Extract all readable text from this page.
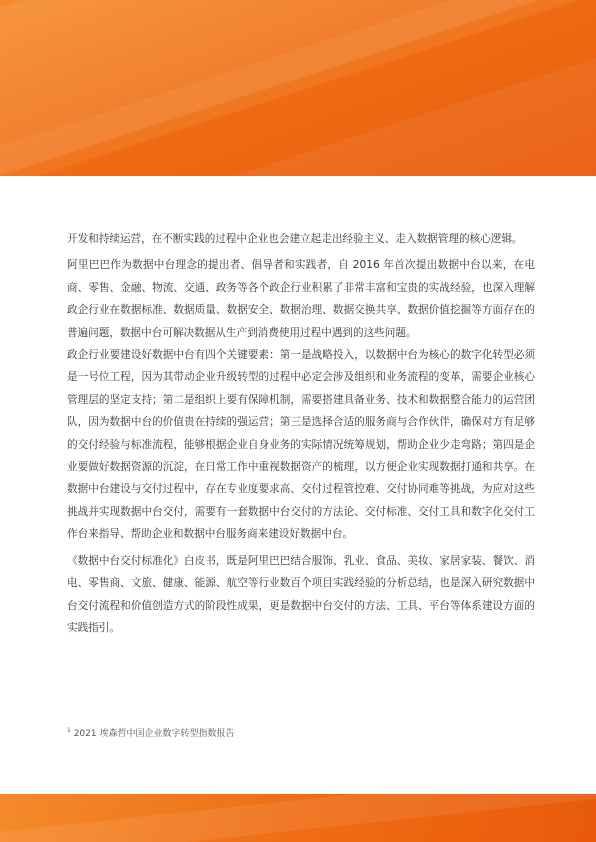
开发和持续运营，在不断实践的过程中企业也会建立起走出经验主义、走入数据管理的核心逻辑。

阿里巴巴作为数据中台理念的提出者、倡导者和实践者，自 2016 年首次提出数据中台以来，在电商、零售、金融、物流、交通、政务等各个政企行业积累了非常丰富和宝贵的实战经验，也深入理解政企行业在数据标准、数据质量、数据安全、数据治理、数据交换共享、数据价值挖掘等方面存在的普遍问题，数据中台可解决数据从生产到消费使用过程中遇到的这些问题。

政企行业要建设好数据中台有四个关键要素：第一是战略投入，以数据中台为核心的数字化转型必须是一号位工程，因为其带动企业升级转型的过程中必定会涉及组织和业务流程的变革，需要企业核心管理层的坚定支持；第二是组织上要有保障机制，需要搭建具备业务、技术和数据整合能力的运营团队，因为数据中台的价值贵在持续的强运营；第三是选择合适的服务商与合作伙伴，确保对方有足够的交付经验与标准流程，能够根据企业自身业务的实际情况统筹规划，帮助企业少走弯路；第四是企业要做好数据资源的沉淀，在日常工作中重视数据资产的梳理，以方便企业实现数据打通和共享。在数据中台建设与交付过程中，存在专业度要求高、交付过程管控难、交付协同难等挑战，为应对这些挑战并实现数据中台交付，需要有一套数据中台交付的方法论、交付标准、交付工具和数字化交付工作台来指导、帮助企业和数据中台服务商来建设好数据中台。

《数据中台交付标准化》白皮书，既是阿里巴巴结合服饰、乳业、食品、美妆、家居家装、餐饮、消电、零售商、文旅、健康、能源、航空等行业数百个项目实践经验的分析总结，也是深入研究数据中台交付流程和价值创造方式的阶段性成果，更是数据中台交付的方法、工具、平台等体系建设方面的实践指引。

$^1$ 2021 埃森哲中国企业数字转型指数报告
